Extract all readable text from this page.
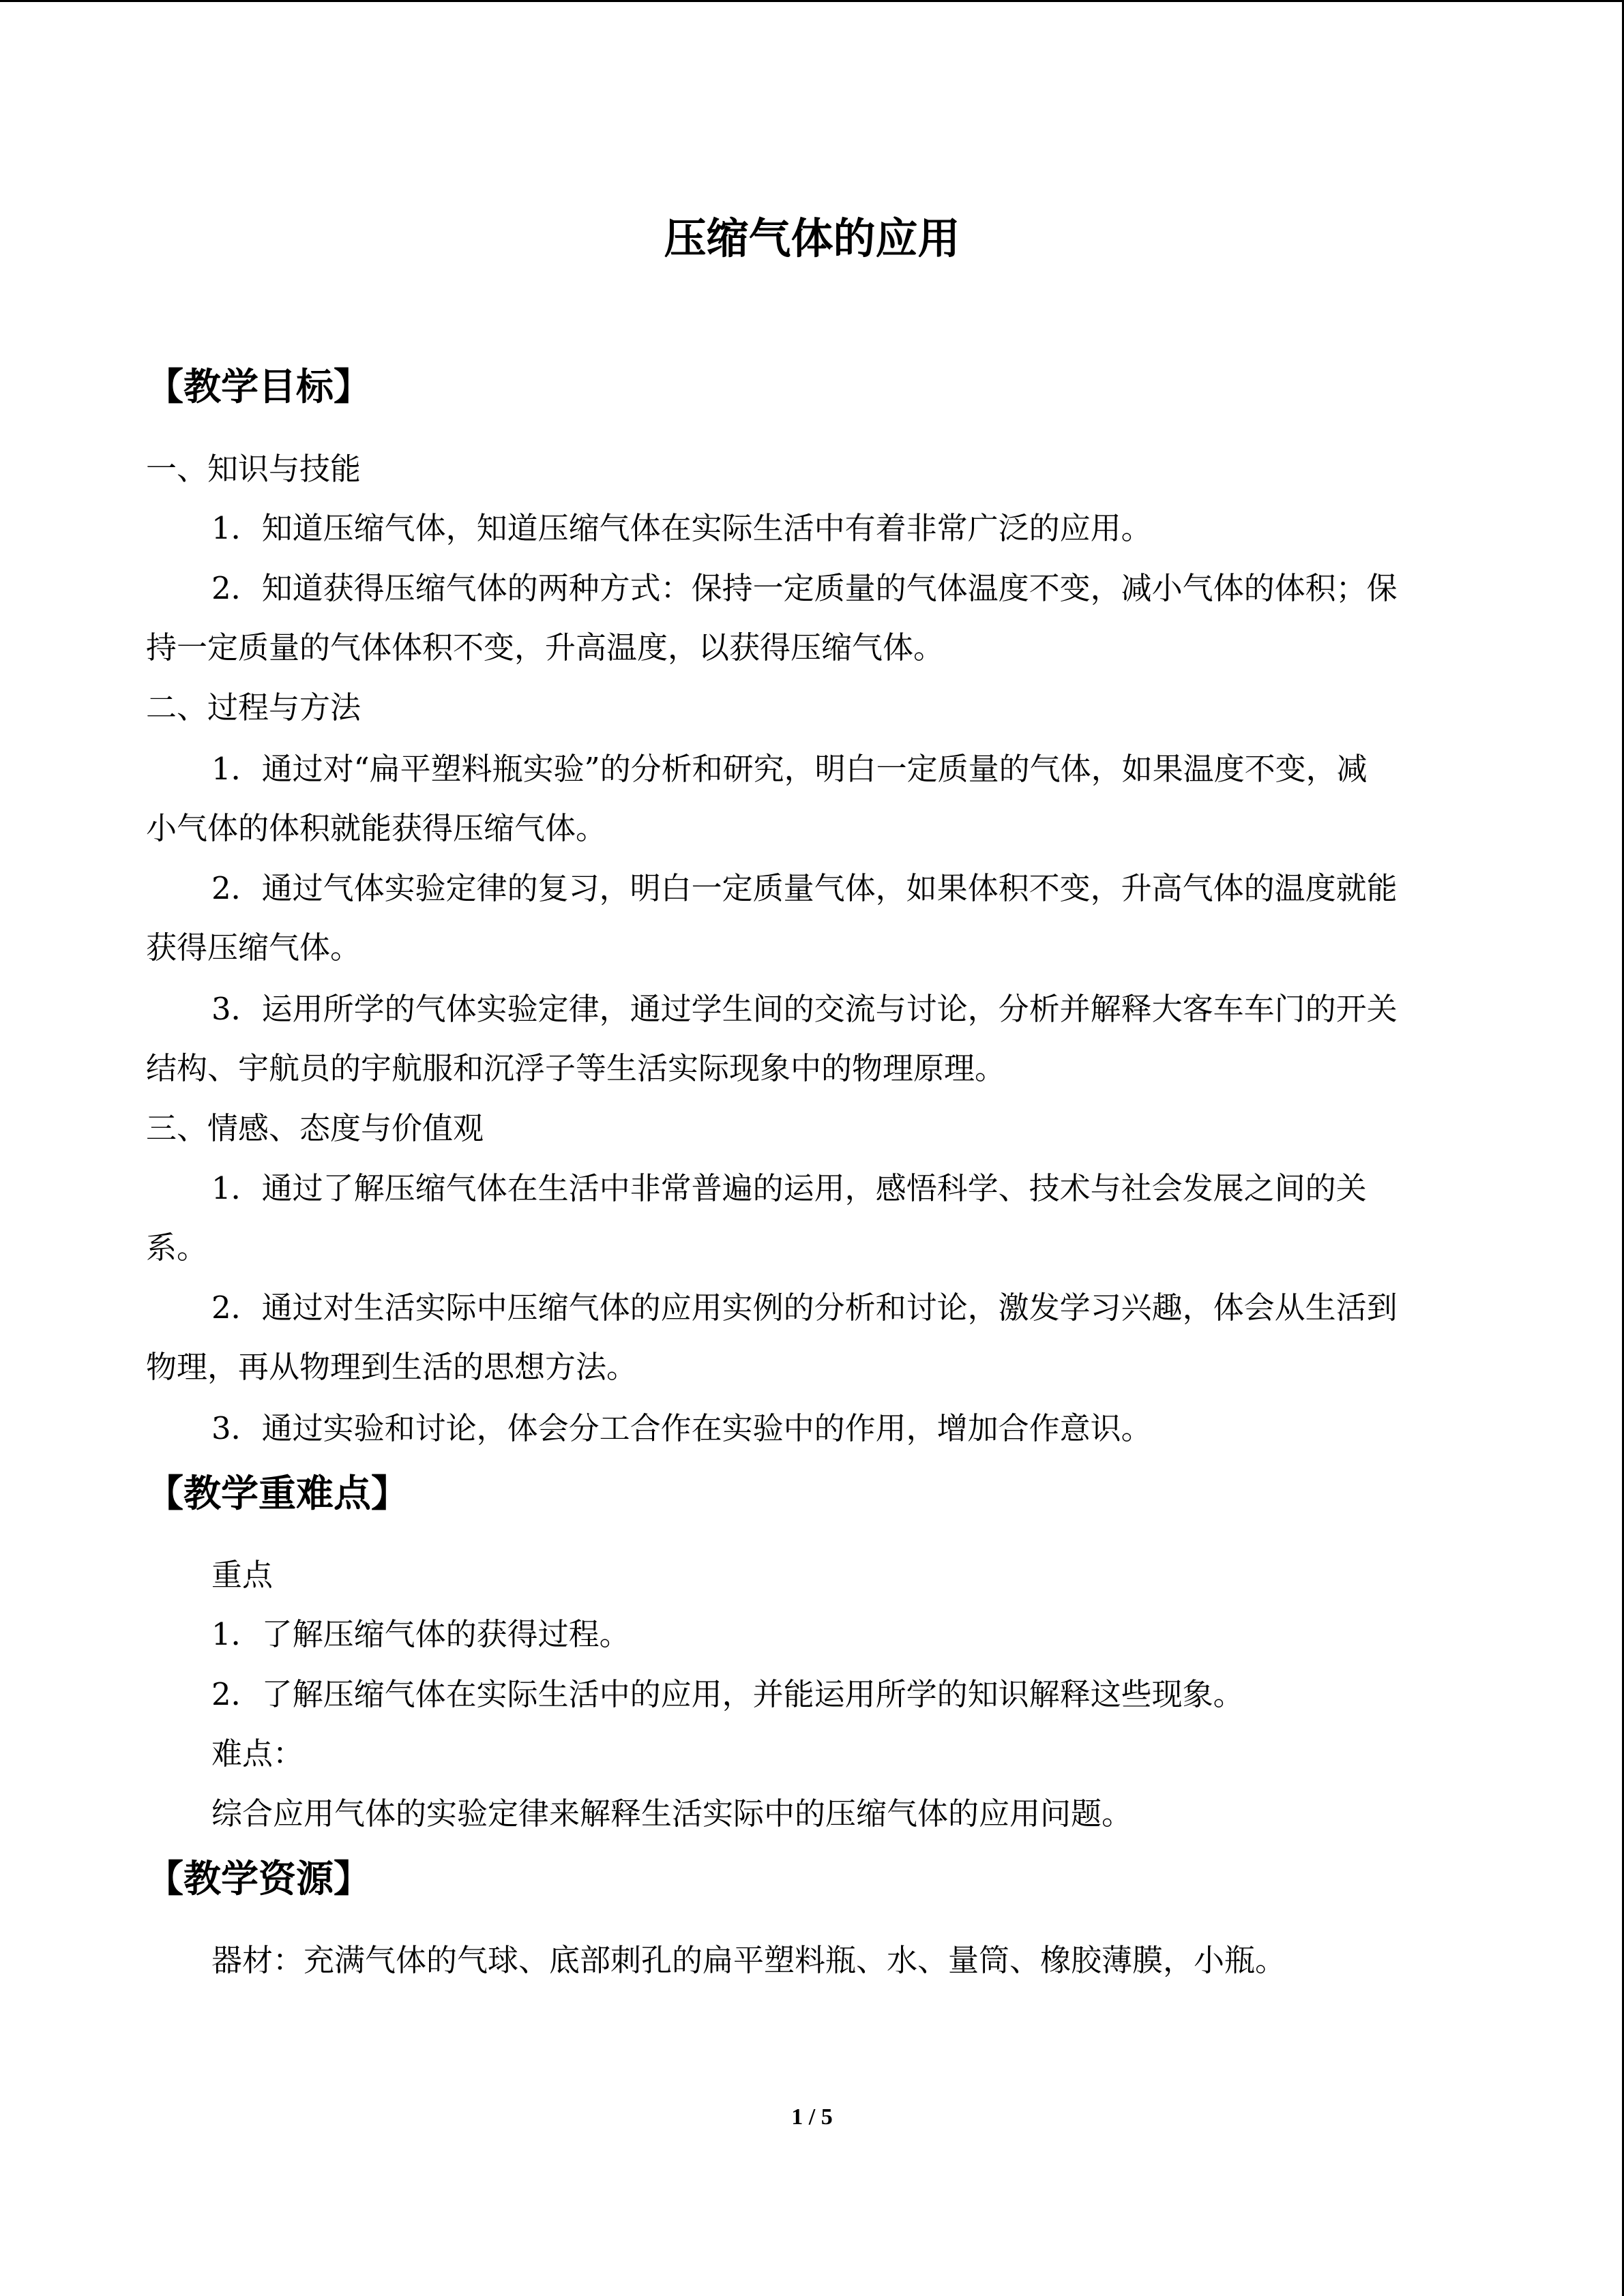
压缩气体的应用
【教学目标】
一、知识与技能
1．知道压缩气体，知道压缩气体在实际生活中有着非常广泛的应用。
2．知道获得压缩气体的两种方式：保持一定质量的气体温度不变，减小气体的体积；保
持一定质量的气体体积不变，升高温度，以获得压缩气体。
二、过程与方法
1．通过对“扁平塑料瓶实验”的分析和研究，明白一定质量的气体，如果温度不变，减
小气体的体积就能获得压缩气体。
2．通过气体实验定律的复习，明白一定质量气体，如果体积不变，升高气体的温度就能
获得压缩气体。
3．运用所学的气体实验定律，通过学生间的交流与讨论，分析并解释大客车车门的开关
结构、宇航员的宇航服和沉浮子等生活实际现象中的物理原理。
三、情感、态度与价值观
1．通过了解压缩气体在生活中非常普遍的运用，感悟科学、技术与社会发展之间的关
系。
2．通过对生活实际中压缩气体的应用实例的分析和讨论，激发学习兴趣，体会从生活到
物理，再从物理到生活的思想方法。
3．通过实验和讨论，体会分工合作在实验中的作用，增加合作意识。
【教学重难点】
重点
1．了解压缩气体的获得过程。
2．了解压缩气体在实际生活中的应用，并能运用所学的知识解释这些现象。
难点：
综合应用气体的实验定律来解释生活实际中的压缩气体的应用问题。
【教学资源】
器材：充满气体的气球、底部刺孔的扁平塑料瓶、水、量筒、橡胶薄膜，小瓶。
1 / 5
